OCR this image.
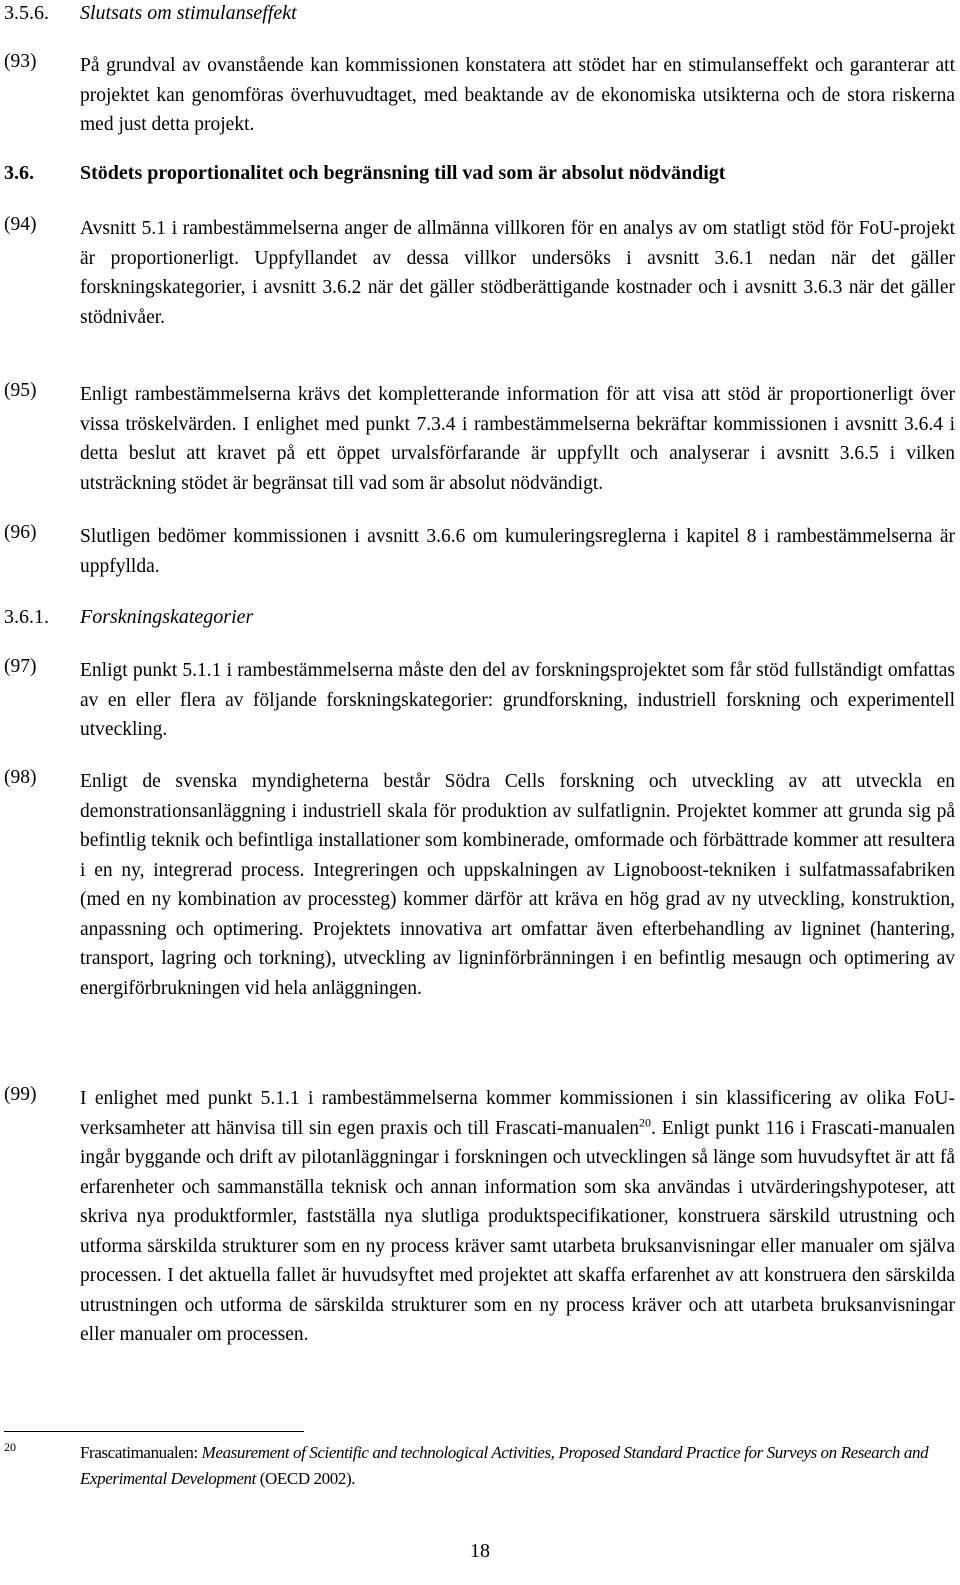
3.5.6. Slutsats om stimulanseffekt
(93) På grundval av ovanstående kan kommissionen konstatera att stödet har en stimulanseffekt och garanterar att projektet kan genomföras överhuvudtaget, med beaktande av de ekonomiska utsikterna och de stora riskerna med just detta projekt.
3.6. Stödets proportionalitet och begränsning till vad som är absolut nödvändigt
(94) Avsnitt 5.1 i rambestämmelserna anger de allmänna villkoren för en analys av om statligt stöd för FoU-projekt är proportionerligt. Uppfyllandet av dessa villkor undersöks i avsnitt 3.6.1 nedan när det gäller forskningskategorier, i avsnitt 3.6.2 när det gäller stödberättigande kostnader och i avsnitt 3.6.3 när det gäller stödnivåer.
(95) Enligt rambestämmelserna krävs det kompletterande information för att visa att stöd är proportionerligt över vissa tröskelvärden. I enlighet med punkt 7.3.4 i rambestämmelserna bekräftar kommissionen i avsnitt 3.6.4 i detta beslut att kravet på ett öppet urvalsförfarande är uppfyllt och analyserar i avsnitt 3.6.5 i vilken utsträckning stödet är begränsat till vad som är absolut nödvändigt.
(96) Slutligen bedömer kommissionen i avsnitt 3.6.6 om kumuleringsreglerna i kapitel 8 i rambestämmelserna är uppfyllda.
3.6.1. Forskningskategorier
(97) Enligt punkt 5.1.1 i rambestämmelserna måste den del av forskningsprojektet som får stöd fullständigt omfattas av en eller flera av följande forskningskategorier: grundforskning, industriell forskning och experimentell utveckling.
(98) Enligt de svenska myndigheterna består Södra Cells forskning och utveckling av att utveckla en demonstrationsanläggning i industriell skala för produktion av sulfatlignin. Projektet kommer att grunda sig på befintlig teknik och befintliga installationer som kombinerade, omformade och förbättrade kommer att resultera i en ny, integrerad process. Integreringen och uppskalningen av Lignoboost-tekniken i sulfatmassafabriken (med en ny kombination av processteg) kommer därför att kräva en hög grad av ny utveckling, konstruktion, anpassning och optimering. Projektets innovativa art omfattar även efterbehandling av ligninet (hantering, transport, lagring och torkning), utveckling av ligninförbränningen i en befintlig mesaugn och optimering av energiförbrukningen vid hela anläggningen.
(99) I enlighet med punkt 5.1.1 i rambestämmelserna kommer kommissionen i sin klassificering av olika FoU-verksamheter att hänvisa till sin egen praxis och till Frascati-manualen$^{20}$. Enligt punkt 116 i Frascati-manualen ingår byggande och drift av pilotanläggningar i forskningen och utvecklingen så länge som huvudsyftet är att få erfarenheter och sammanställa teknisk och annan information som ska användas i utvärderingshypoteser, att skriva nya produktformler, fastställa nya slutliga produktspecifikationer, konstruera särskild utrustning och utforma särskilda strukturer som en ny process kräver samt utarbeta bruksanvisningar eller manualer om själva processen. I det aktuella fallet är huvudsyftet med projektet att skaffa erfarenhet av att konstruera den särskilda utrustningen och utforma de särskilda strukturer som en ny process kräver och att utarbeta bruksanvisningar eller manualer om processen.
20	Frascatimanualen: Measurement of Scientific and technological Activities, Proposed Standard Practice for Surveys on Research and Experimental Development (OECD 2002).
18
